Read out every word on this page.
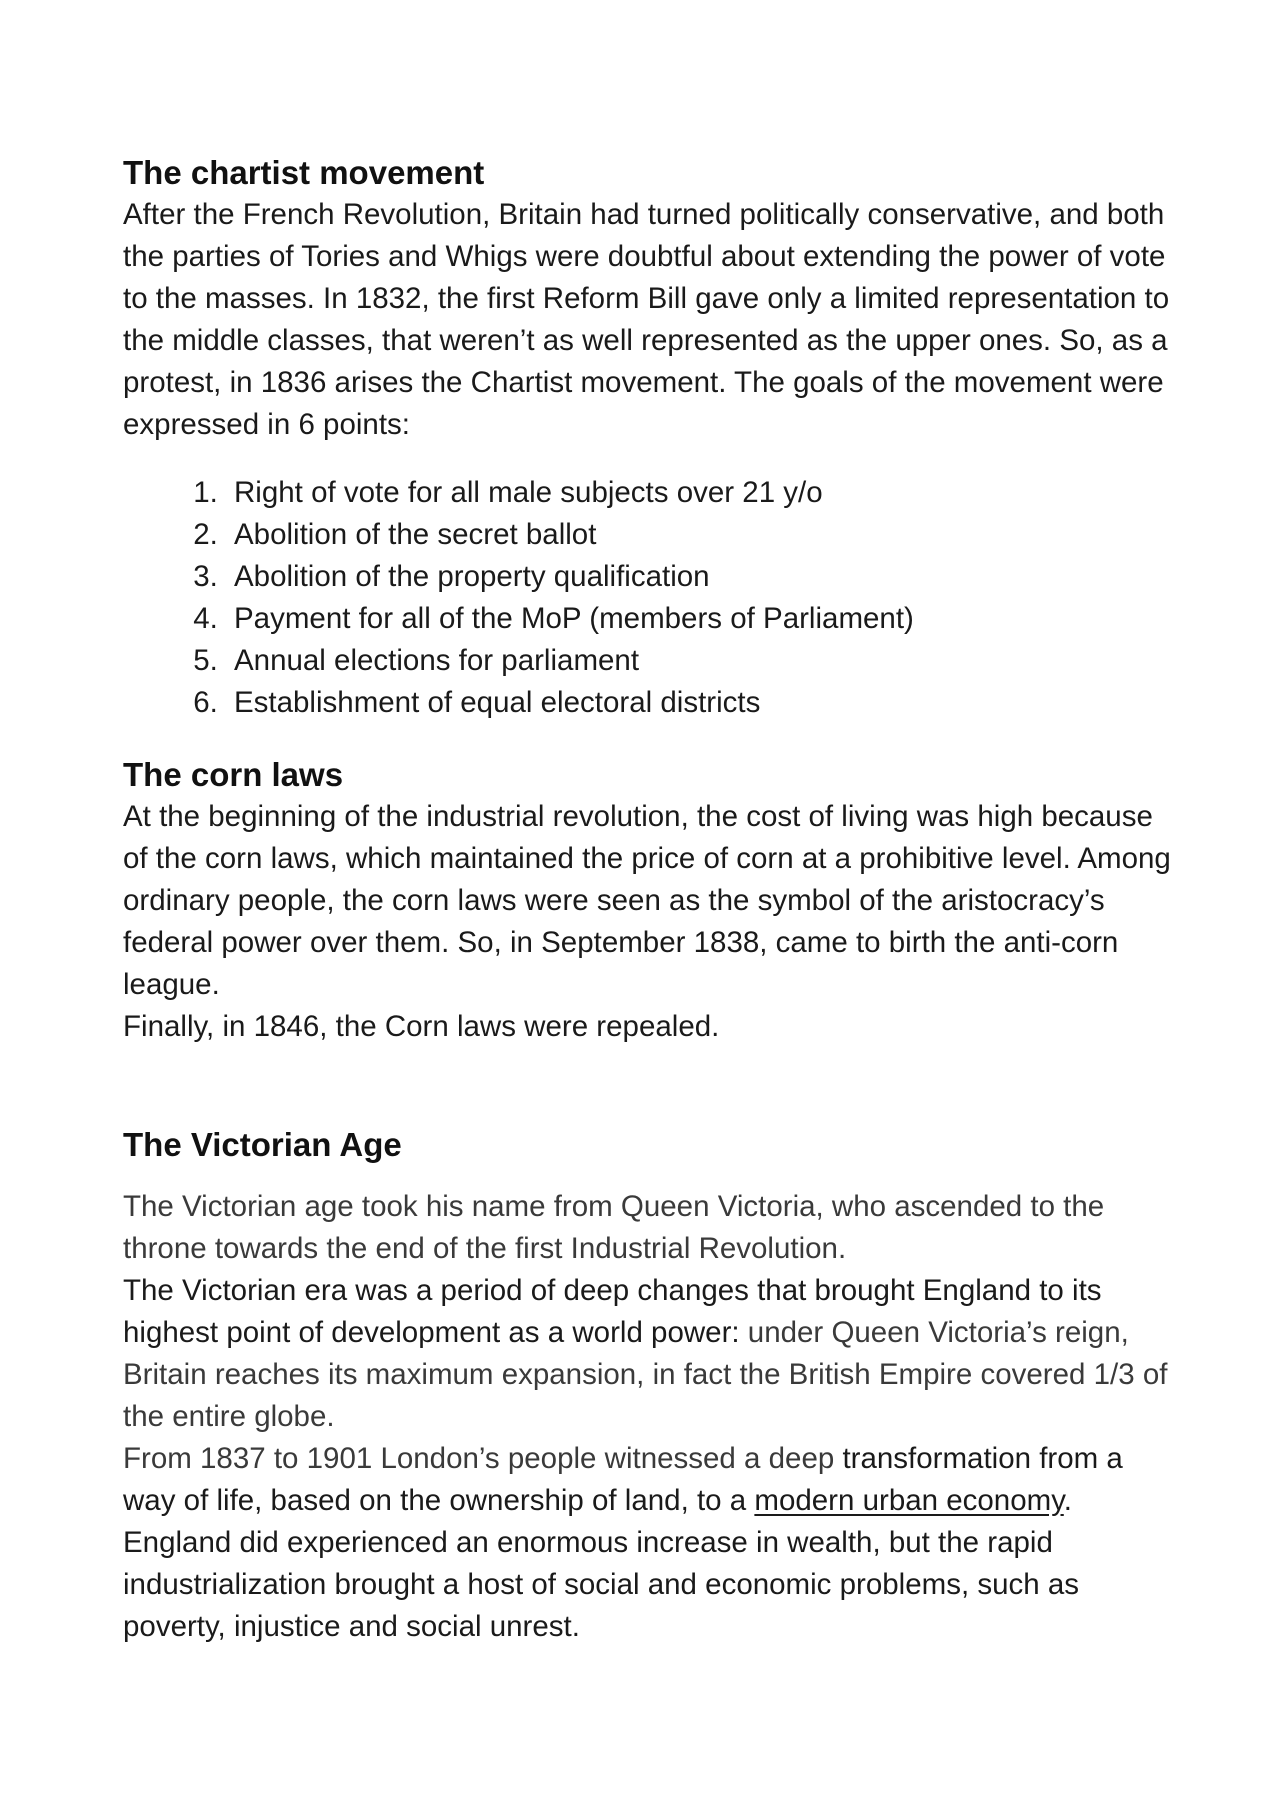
The chartist movement

After the French Revolution, Britain had turned politically conservative, and both the parties of Tories and Whigs were doubtful about extending the power of vote to the masses. In 1832, the first Reform Bill gave only a limited representation to the middle classes, that weren’t as well represented as the upper ones. So, as a protest, in 1836 arises the Chartist movement. The goals of the movement were expressed in 6 points:

1. Right of vote for all male subjects over 21 y/o
2. Abolition of the secret ballot
3. Abolition of the property qualification
4. Payment for all of the MoP (members of Parliament)
5. Annual elections for parliament
6. Establishment of equal electoral districts
The corn laws

At the beginning of the industrial revolution, the cost of living was high because of the corn laws, which maintained the price of corn at a prohibitive level. Among ordinary people, the corn laws were seen as the symbol of the aristocracy’s federal power over them. So, in September 1838, came to birth the anti-corn league.

Finally, in 1846, the Corn laws were repealed.

The Victorian Age

The Victorian age took his name from Queen Victoria, who ascended to the throne towards the end of the first Industrial Revolution.

The Victorian era was a period of deep changes that brought England to its highest point of development as a world power: under Queen Victoria’s reign, Britain reaches its maximum expansion, in fact the British Empire covered 1/3 of the entire globe.

From 1837 to 1901 London’s people witnessed a deep transformation from a way of life, based on the ownership of land, to a modern urban economy. England did experienced an enormous increase in wealth, but the rapid industrialization brought a host of social and economic problems, such as poverty, injustice and social unrest.
